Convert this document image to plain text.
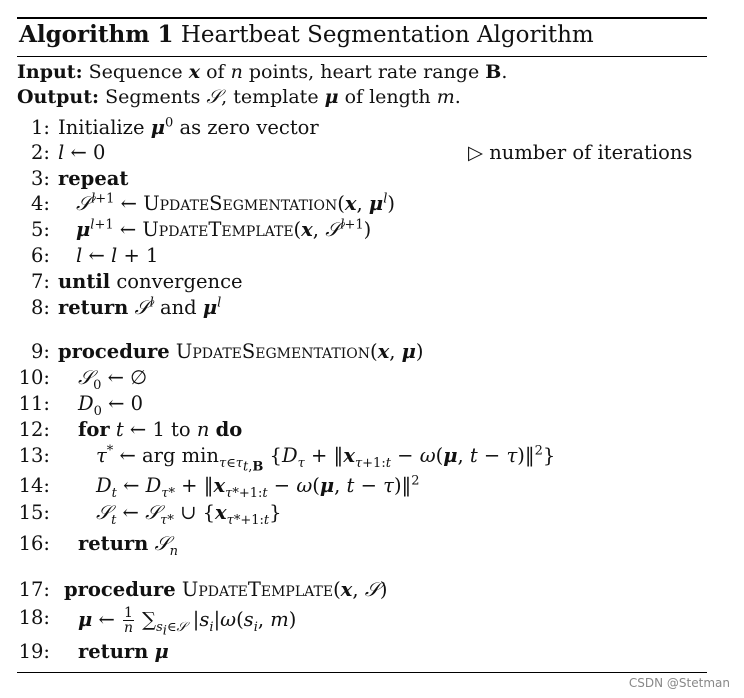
Algorithm 1 Heartbeat Segmentation Algorithm
Input: Sequence x of n points, heart rate range B.
Output: Segments 𝒮, template μ of length m.
1: Initialize $\mu^0$ as zero vector
2: l ← 0	▷ number of iterations
3: repeat
4: 𝒮$^{l+1}$ ← UpdateSegmentation(x, $\mu^l$)
5: $\mu^{l+1}$ ← UpdateTemplate(x, 𝒮$^{l+1}$)
6: l ← l + 1
7: until convergence
8: return 𝒮$^l$ and $\mu^l$
9: procedure UpdateSegmentation(x, μ)
10: 𝒮$_0$ ← ∅
11: $D_0$ ← 0
12: for t ← 1 to n do
13: τ* ← arg $\min_{\tau\in\tau_{t,B}} \{D_\tau$ + $‖x_{\tau+1:t} - \omega(\mu$, t − τ)‖$^2$}
14: $D_t$ ← $D_{\tau*}$ + $‖x_{\tau*+1:t} - \omega(\mu$, t − τ)‖$^2$
15: 𝒮$_t$ ← 𝒮$_{\tau*}$ ∪ $\{x_{\tau*+1:t}\}$
16: return 𝒮$_n$
17: procedure UpdateTemplate(x, 𝒮)
18: μ ← $\frac{1}{n} \sum_{s_i\in 𝒮}$ $|s_i|\omega(s_i$, m)
19: return μ
CSDN @Stetman
